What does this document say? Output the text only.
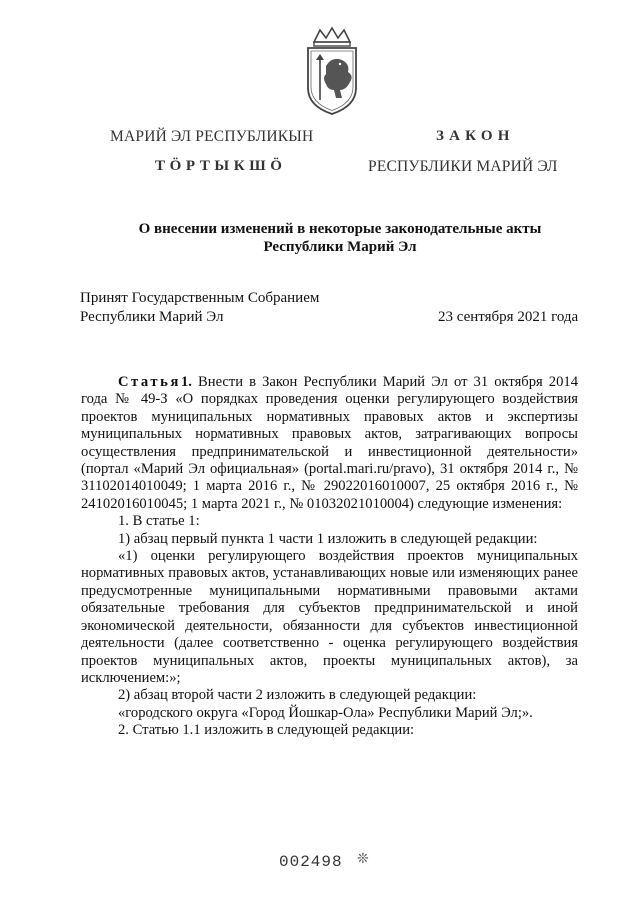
МАРИЙ ЭЛ РЕСПУБЛИКЫН
ТӦРТЫКШӦ
ЗАКОН
РЕСПУБЛИКИ МАРИЙ ЭЛ
О внесении изменений в некоторые законодательные акты
Республики Марий Эл
Принят Государственным Собранием
Республики Марий Эл	23 сентября 2021 года

Статья1. Внести в Закон Республики Марий Эл от 31 октября 2014 года № 49-З «О порядках проведения оценки регулирующего воздействия проектов муниципальных нормативных правовых актов и экспертизы муниципальных нормативных правовых актов, затрагивающих вопросы осуществления предпринимательской и инвестиционной деятельности» (портал «Марий Эл официальная» (portal.mari.ru/pravo), 31 октября 2014 г., № 31102014010049; 1 марта 2016 г., № 29022016010007, 25 октября 2016 г., № 24102016010045; 1 марта 2021 г., № 01032021010004) следующие изменения:

1. В статье 1:

1) абзац первый пункта 1 части 1 изложить в следующей редакции:

«1) оценки регулирующего воздействия проектов муниципальных нормативных правовых актов, устанавливающих новые или изменяющих ранее предусмотренные муниципальными нормативными правовыми актами обязательные требования для субъектов предпринимательской и иной экономической деятельности, обязанности для субъектов инвестиционной деятельности (далее соответственно - оценка регулирующего воздействия проектов муниципальных актов, проекты муниципальных актов), за исключением:»;

2) абзац второй части 2 изложить в следующей редакции:

«городского округа «Город Йошкар-Ола» Республики Марий Эл;».

2. Статью 1.1 изложить в следующей редакции:

002498 ❊
